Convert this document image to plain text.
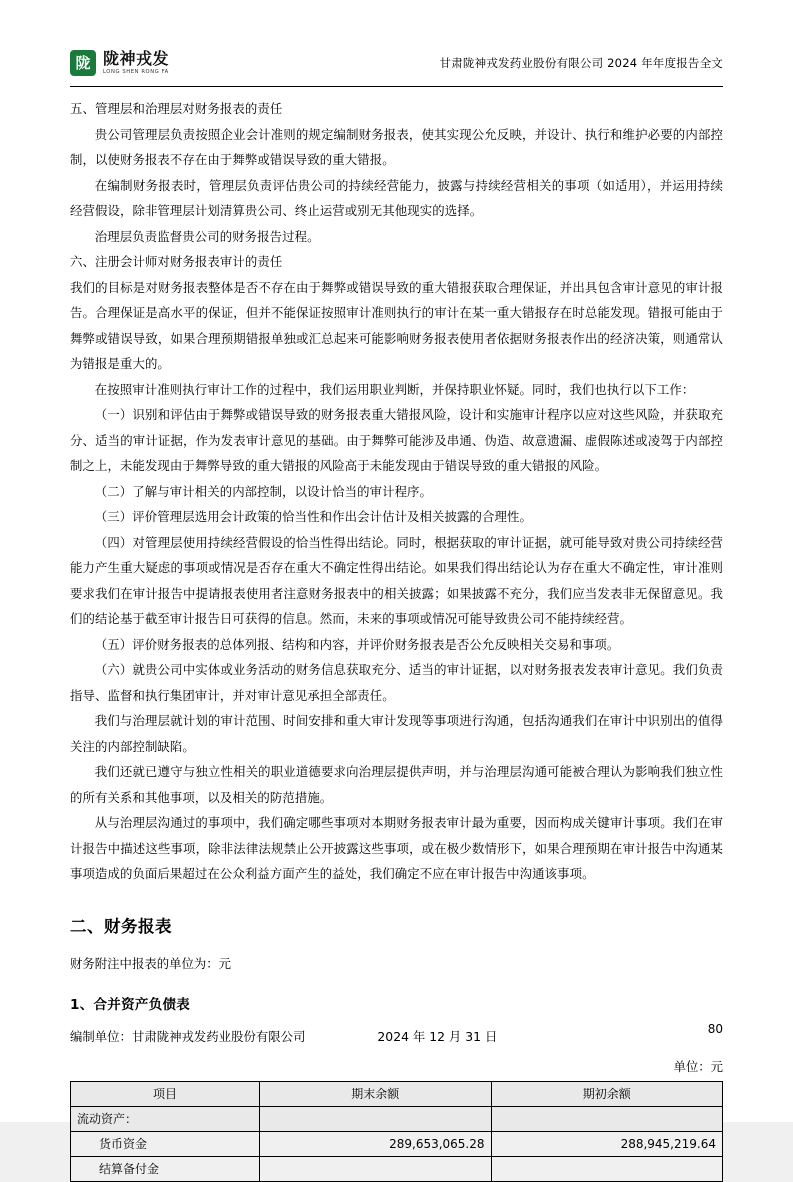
陇 陇神戎发
LONG SHEN RONG FA
甘肃陇神戎发药业股份有限公司 2024 年年度报告全文

五、管理层和治理层对财务报表的责任

贵公司管理层负责按照企业会计准则的规定编制财务报表，使其实现公允反映，并设计、执行和维护必要的内部控制，以使财务报表不存在由于舞弊或错误导致的重大错报。

在编制财务报表时，管理层负责评估贵公司的持续经营能力，披露与持续经营相关的事项（如适用），并运用持续经营假设，除非管理层计划清算贵公司、终止运营或别无其他现实的选择。

治理层负责监督贵公司的财务报告过程。

六、注册会计师对财务报表审计的责任

我们的目标是对财务报表整体是否不存在由于舞弊或错误导致的重大错报获取合理保证，并出具包含审计意见的审计报告。合理保证是高水平的保证，但并不能保证按照审计准则执行的审计在某一重大错报存在时总能发现。错报可能由于舞弊或错误导致，如果合理预期错报单独或汇总起来可能影响财务报表使用者依据财务报表作出的经济决策，则通常认为错报是重大的。

在按照审计准则执行审计工作的过程中，我们运用职业判断，并保持职业怀疑。同时，我们也执行以下工作：

（一）识别和评估由于舞弊或错误导致的财务报表重大错报风险，设计和实施审计程序以应对这些风险，并获取充分、适当的审计证据，作为发表审计意见的基础。由于舞弊可能涉及串通、伪造、故意遗漏、虚假陈述或凌驾于内部控制之上，未能发现由于舞弊导致的重大错报的风险高于未能发现由于错误导致的重大错报的风险。

（二）了解与审计相关的内部控制，以设计恰当的审计程序。

（三）评价管理层选用会计政策的恰当性和作出会计估计及相关披露的合理性。

（四）对管理层使用持续经营假设的恰当性得出结论。同时，根据获取的审计证据，就可能导致对贵公司持续经营能力产生重大疑虑的事项或情况是否存在重大不确定性得出结论。如果我们得出结论认为存在重大不确定性，审计准则要求我们在审计报告中提请报表使用者注意财务报表中的相关披露；如果披露不充分，我们应当发表非无保留意见。我们的结论基于截至审计报告日可获得的信息。然而，未来的事项或情况可能导致贵公司不能持续经营。

（五）评价财务报表的总体列报、结构和内容，并评价财务报表是否公允反映相关交易和事项。

（六）就贵公司中实体或业务活动的财务信息获取充分、适当的审计证据，以对财务报表发表审计意见。我们负责指导、监督和执行集团审计，并对审计意见承担全部责任。

我们与治理层就计划的审计范围、时间安排和重大审计发现等事项进行沟通，包括沟通我们在审计中识别出的值得关注的内部控制缺陷。

我们还就已遵守与独立性相关的职业道德要求向治理层提供声明，并与治理层沟通可能被合理认为影响我们独立性的所有关系和其他事项，以及相关的防范措施。

从与治理层沟通过的事项中，我们确定哪些事项对本期财务报表审计最为重要，因而构成关键审计事项。我们在审计报告中描述这些事项，除非法律法规禁止公开披露这些事项，或在极少数情形下，如果合理预期在审计报告中沟通某事项造成的负面后果超过在公众利益方面产生的益处，我们确定不应在审计报告中沟通该事项。

二、财务报表

财务附注中报表的单位为：元

1、合并资产负债表
编制单位：甘肃陇神戎发药业股份有限公司	2024 年 12 月 31 日
单位：元
项目	期末余额	期初余额
流动资产：		
货币资金	289,653,065.28	288,945,219.64
结算备付金		
80
